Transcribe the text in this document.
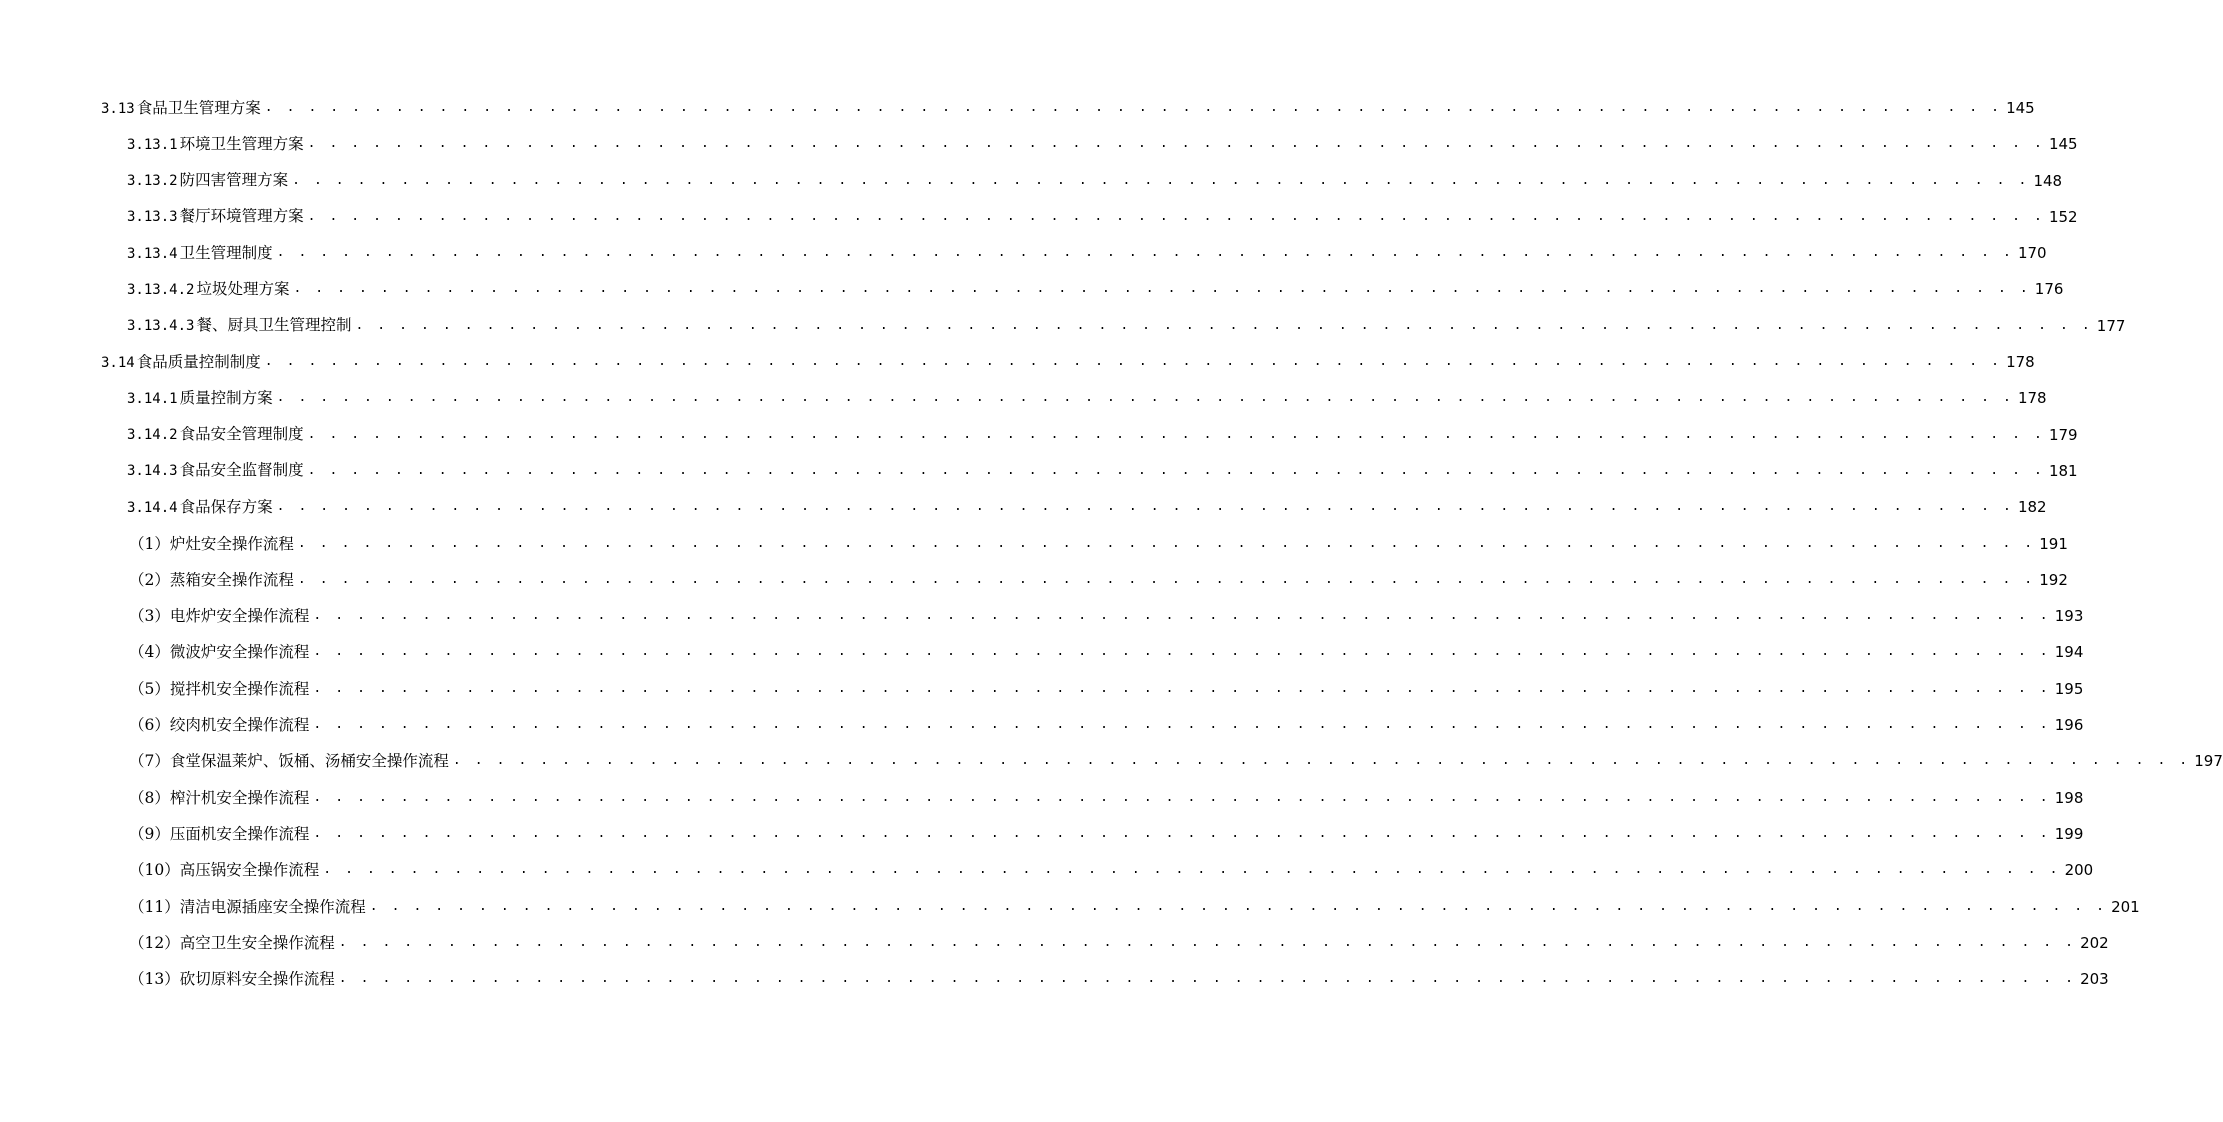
3.13 食品卫生管理方案 . . . . . . . . . . . . . . . . . . . . . . . . . . . . . . . . . . . . . . . . . . . . . . . . . . . . . . . . . . . . . . . . . . . . . . . . . . . . . . . . 145
3.13.1 环境卫生管理方案 . . . . . . . . . . . . . . . . . . . . . . . . . . . . . . . . . . . . . . . . . . . . . . . . . . . . . . . . . . . . . . . . . . . . . . . . . . . . . . . . 145
3.13.2 防四害管理方案 . . . . . . . . . . . . . . . . . . . . . . . . . . . . . . . . . . . . . . . . . . . . . . . . . . . . . . . . . . . . . . . . . . . . . . . . . . . . . . . . 148
3.13.3 餐厅环境管理方案 . . . . . . . . . . . . . . . . . . . . . . . . . . . . . . . . . . . . . . . . . . . . . . . . . . . . . . . . . . . . . . . . . . . . . . . . . . . . . . . . 152
3.13.4 卫生管理制度 . . . . . . . . . . . . . . . . . . . . . . . . . . . . . . . . . . . . . . . . . . . . . . . . . . . . . . . . . . . . . . . . . . . . . . . . . . . . . . . . 170
3.13.4.2 垃圾处理方案 . . . . . . . . . . . . . . . . . . . . . . . . . . . . . . . . . . . . . . . . . . . . . . . . . . . . . . . . . . . . . . . . . . . . . . . . . . . . . . . . 176
3.13.4.3 餐、厨具卫生管理控制 . . . . . . . . . . . . . . . . . . . . . . . . . . . . . . . . . . . . . . . . . . . . . . . . . . . . . . . . . . . . . . . . . . . . . . . . . . . . . . . . 177
3.14 食品质量控制制度 . . . . . . . . . . . . . . . . . . . . . . . . . . . . . . . . . . . . . . . . . . . . . . . . . . . . . . . . . . . . . . . . . . . . . . . . . . . . . . . . 178
3.14.1 质量控制方案 . . . . . . . . . . . . . . . . . . . . . . . . . . . . . . . . . . . . . . . . . . . . . . . . . . . . . . . . . . . . . . . . . . . . . . . . . . . . . . . . 178
3.14.2 食品安全管理制度 . . . . . . . . . . . . . . . . . . . . . . . . . . . . . . . . . . . . . . . . . . . . . . . . . . . . . . . . . . . . . . . . . . . . . . . . . . . . . . . . 179
3.14.3 食品安全监督制度 . . . . . . . . . . . . . . . . . . . . . . . . . . . . . . . . . . . . . . . . . . . . . . . . . . . . . . . . . . . . . . . . . . . . . . . . . . . . . . . . 181
3.14.4 食品保存方案 . . . . . . . . . . . . . . . . . . . . . . . . . . . . . . . . . . . . . . . . . . . . . . . . . . . . . . . . . . . . . . . . . . . . . . . . . . . . . . . . 182
（1）炉灶安全操作流程 . . . . . . . . . . . . . . . . . . . . . . . . . . . . . . . . . . . . . . . . . . . . . . . . . . . . . . . . . . . . . . . . . . . . . . . . . . . . . . . . 191
（2）蒸箱安全操作流程 . . . . . . . . . . . . . . . . . . . . . . . . . . . . . . . . . . . . . . . . . . . . . . . . . . . . . . . . . . . . . . . . . . . . . . . . . . . . . . . . 192
（3）电炸炉安全操作流程 . . . . . . . . . . . . . . . . . . . . . . . . . . . . . . . . . . . . . . . . . . . . . . . . . . . . . . . . . . . . . . . . . . . . . . . . . . . . . . . . 193
（4）微波炉安全操作流程 . . . . . . . . . . . . . . . . . . . . . . . . . . . . . . . . . . . . . . . . . . . . . . . . . . . . . . . . . . . . . . . . . . . . . . . . . . . . . . . . 194
（5）搅拌机安全操作流程 . . . . . . . . . . . . . . . . . . . . . . . . . . . . . . . . . . . . . . . . . . . . . . . . . . . . . . . . . . . . . . . . . . . . . . . . . . . . . . . . 195
（6）绞肉机安全操作流程 . . . . . . . . . . . . . . . . . . . . . . . . . . . . . . . . . . . . . . . . . . . . . . . . . . . . . . . . . . . . . . . . . . . . . . . . . . . . . . . . 196
（7）食堂保温莱炉、饭桶、汤桶安全操作流程 . . . . . . . . . . . . . . . . . . . . . . . . . . . . . . . . . . . . . . . . . . . . . . . . . . . . . . . . . . . . . . . . . . . . . . . . . . . . . . . . 197
（8）榨汁机安全操作流程 . . . . . . . . . . . . . . . . . . . . . . . . . . . . . . . . . . . . . . . . . . . . . . . . . . . . . . . . . . . . . . . . . . . . . . . . . . . . . . . . 198
（9）压面机安全操作流程 . . . . . . . . . . . . . . . . . . . . . . . . . . . . . . . . . . . . . . . . . . . . . . . . . . . . . . . . . . . . . . . . . . . . . . . . . . . . . . . . 199
（10）高压锅安全操作流程 . . . . . . . . . . . . . . . . . . . . . . . . . . . . . . . . . . . . . . . . . . . . . . . . . . . . . . . . . . . . . . . . . . . . . . . . . . . . . . . . 200
（11）清洁电源插座安全操作流程 . . . . . . . . . . . . . . . . . . . . . . . . . . . . . . . . . . . . . . . . . . . . . . . . . . . . . . . . . . . . . . . . . . . . . . . . . . . . . . . . 201
（12）高空卫生安全操作流程 . . . . . . . . . . . . . . . . . . . . . . . . . . . . . . . . . . . . . . . . . . . . . . . . . . . . . . . . . . . . . . . . . . . . . . . . . . . . . . . . 202
（13）砍切原料安全操作流程 . . . . . . . . . . . . . . . . . . . . . . . . . . . . . . . . . . . . . . . . . . . . . . . . . . . . . . . . . . . . . . . . . . . . . . . . . . . . . . . . 203
